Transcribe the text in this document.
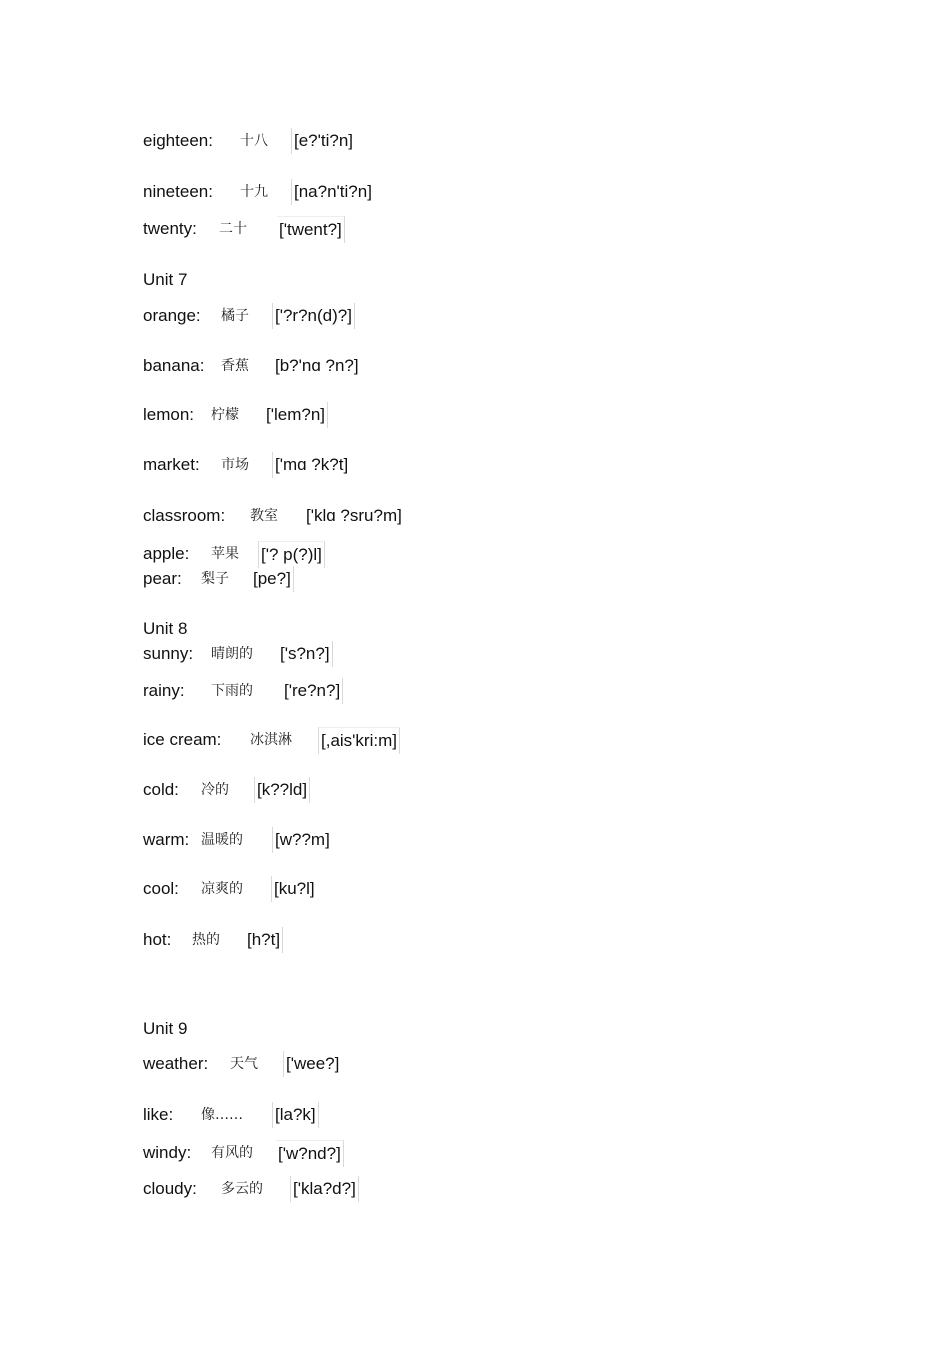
eighteen: 十八 [e?'ti?n]
nineteen: 十九 [na?n'ti?n]
twenty: 二十 ['twent?]
Unit 7
orange: 橘子 ['?r?n(d)?]
banana: 香蕉 [b?'nɑ ?n?]
lemon: 柠檬 ['lem?n]
market: 市场 ['mɑ ?k?t]
classroom: 教室 ['klɑ ?sru?m]
apple: 苹果 ['? p(?)l]
pear: 梨子 [pe?]
Unit 8
sunny: 晴朗的 ['s?n?]
rainy: 下雨的 ['re?n?]
ice cream: 冰淇淋 [,ais'kri:m]
cold: 冷的 [k??ld]
warm: 温暖的 [w??m]
cool: 凉爽的 [ku?l]
hot: 热的 [h?t]
Unit 9
weather: 天气 ['wee?]
like: 像…… [la?k]
windy: 有风的 ['w?nd?]
cloudy: 多云的 ['kla?d?]
